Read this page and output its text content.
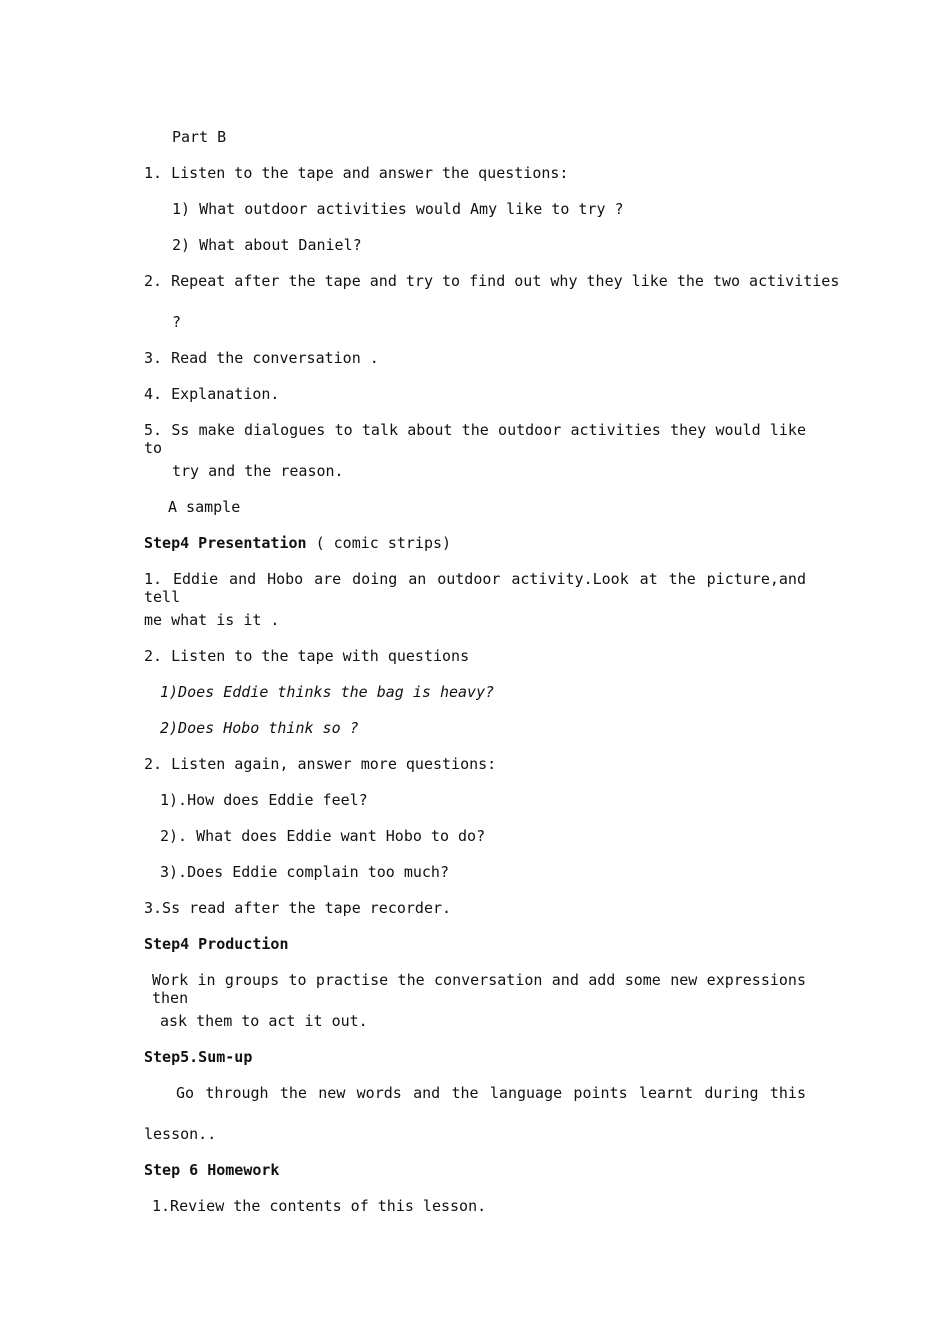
Part B
1. Listen to the tape and answer the questions:
1) What outdoor activities would Amy like to try ?
2) What about Daniel?
2. Repeat after the tape and try to find out why they like the two activities
?
3. Read the conversation .
4. Explanation.
5. Ss make dialogues to talk about the outdoor activities they would like to
try and the reason.
A sample
Step4 Presentation ( comic strips)
1. Eddie and Hobo are doing an outdoor activity.Look at the picture,and tell
me what is it .
2. Listen to the tape with questions
1)Does Eddie thinks the bag is heavy?
2)Does Hobo think so ?
2. Listen again, answer more questions:
1).How does Eddie feel?
2). What does Eddie want Hobo to do?
3).Does Eddie complain too much?
3.Ss read after the tape recorder.
Step4 Production
Work in groups to practise the conversation and add some new expressions then
ask them to act it out.
Step5.Sum-up
Go through the new words and the language points learnt during this
lesson..
Step 6 Homework
1.Review the contents of this lesson.
